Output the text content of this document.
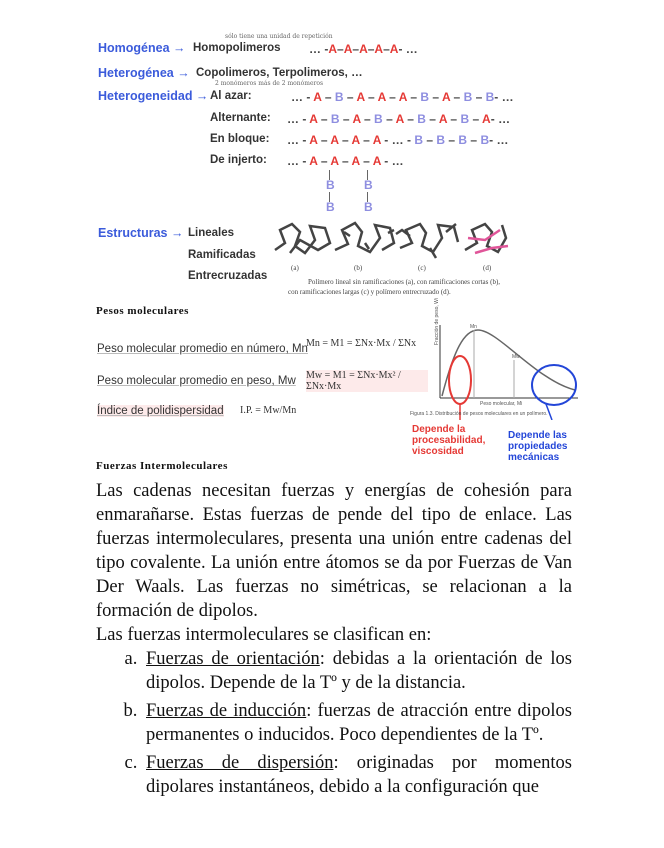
sólo tiene una unidad de repetición
Homogénea → Homopolimeros … -A–A–A–A–A- …
Heterogénea → Copolimeros, Terpolimeros, …
2 monómeros más de 2 monómeros
Heterogeneidad → Al azar:	… - A – B – A – A – A – B – A – B – B- …
Alternante: … - A – B – A – B – A – B – A – B – A- …
En bloque: … - A – A – A – A - … - B – B – B – B- …
De injerto: … - A – A – A – A - …
B B
B B
Estructuras → Lineales
Ramificadas
Entrecruzadas
(a)	(b)	(c)	(d)
Polímero lineal sin ramificaciones (a), con ramificaciones cortas (b), con ramificaciones largas (c) y polímero entrecruzado (d).
Pesos moleculares
Peso molecular promedio en número, Mn
Mn = M1 = ΣNx·Mx / ΣNx
Peso molecular promedio en peso, Mw Mw = M1 = ΣNx·Mx² / ΣNx·Mx
Índice de polidispersidad I.P. = Mw/Mn
Fracción de peso, Wi	Mn
Mw
Peso molecular, Mi
Figura 1.3. Distribución de pesos moleculares en un polímero.
Depende la procesabilidad, viscosidad
Depende las propiedades mecánicas
Fuerzas Intermoleculares

Las cadenas necesitan fuerzas y energías de cohesión para enmarañarse. Estas fuerzas de pende del tipo de enlace. Las fuerzas intermoleculares, presenta una unión entre cadenas del tipo covalente. La unión entre átomos se da por Fuerzas de Van Der Waals. Las fuerzas no simétricas, se relacionan a la formación de dipolos.

Las fuerzas intermoleculares se clasifican en:

a. Fuerzas de orientación: debidas a la orientación de los dipolos. Depende de la Tº y de la distancia.
b. Fuerzas de inducción: fuerzas de atracción entre dipolos permanentes o inducidos. Poco dependientes de la Tº.
c. Fuerzas de dispersión: originadas por momentos dipolares instantáneos, debido a la configuración que
